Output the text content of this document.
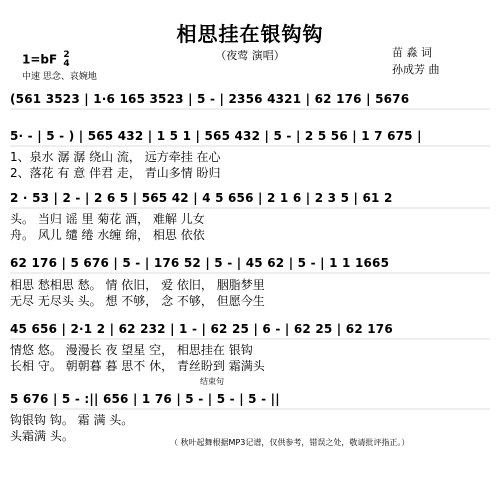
相思挂在银钩钩
（夜莺 演唱）	苗 淼 词
孙成芳 曲
1=bF 2
4
中速 思念、哀婉地
(561 3523 | 1·6 165 3523 | 5 - | 2356 4321 | 62 176 | 5676
5· - | 5 - ) | 565 432 | 1 5 1 | 565 432 | 5 - | 2 5 56 | 1 7 675 |
1、泉水 潺 潺 绕山 流， 远方牵挂 在心
2、落花 有 意 伴君 走， 青山多情 盼归
2 · 53 | 2 - | 2 6 5 | 565 42 | 4 5 656 | 2 1 6 | 2 3 5 | 61 2
头。 当归 谣 里 菊花 酒， 难解 儿女
舟。 风儿 缱 绻 水缠 绵， 相思 依依
62 176 | 5 676 | 5 - | 176 52 | 5 - | 45 62 | 5 - | 1 1 1665
相思 愁相思 愁。 情 依旧， 爱 依旧， 胭脂梦里
无尽 无尽头 头。 想 不够， 念 不够， 但愿今生
45 656 | 2·1 2 | 62 232 | 1 - | 62 25 | 6 - | 62 25 | 62 176
情悠 悠。 漫漫长 夜 望星 空， 相思挂在 银钩
长相 守。 朝朝暮 暮 思不 休， 青丝盼到 霜满头
结束句
5 676 | 5 - :|| 656 | 1 76 | 5 - | 5 - | 5 - ||
钩银钩 钩。 霜 满 头。
头霜满 头。	（ 秋叶起舞根据MP3记谱，仅供参考，错误之处，敬请批评指正。）
